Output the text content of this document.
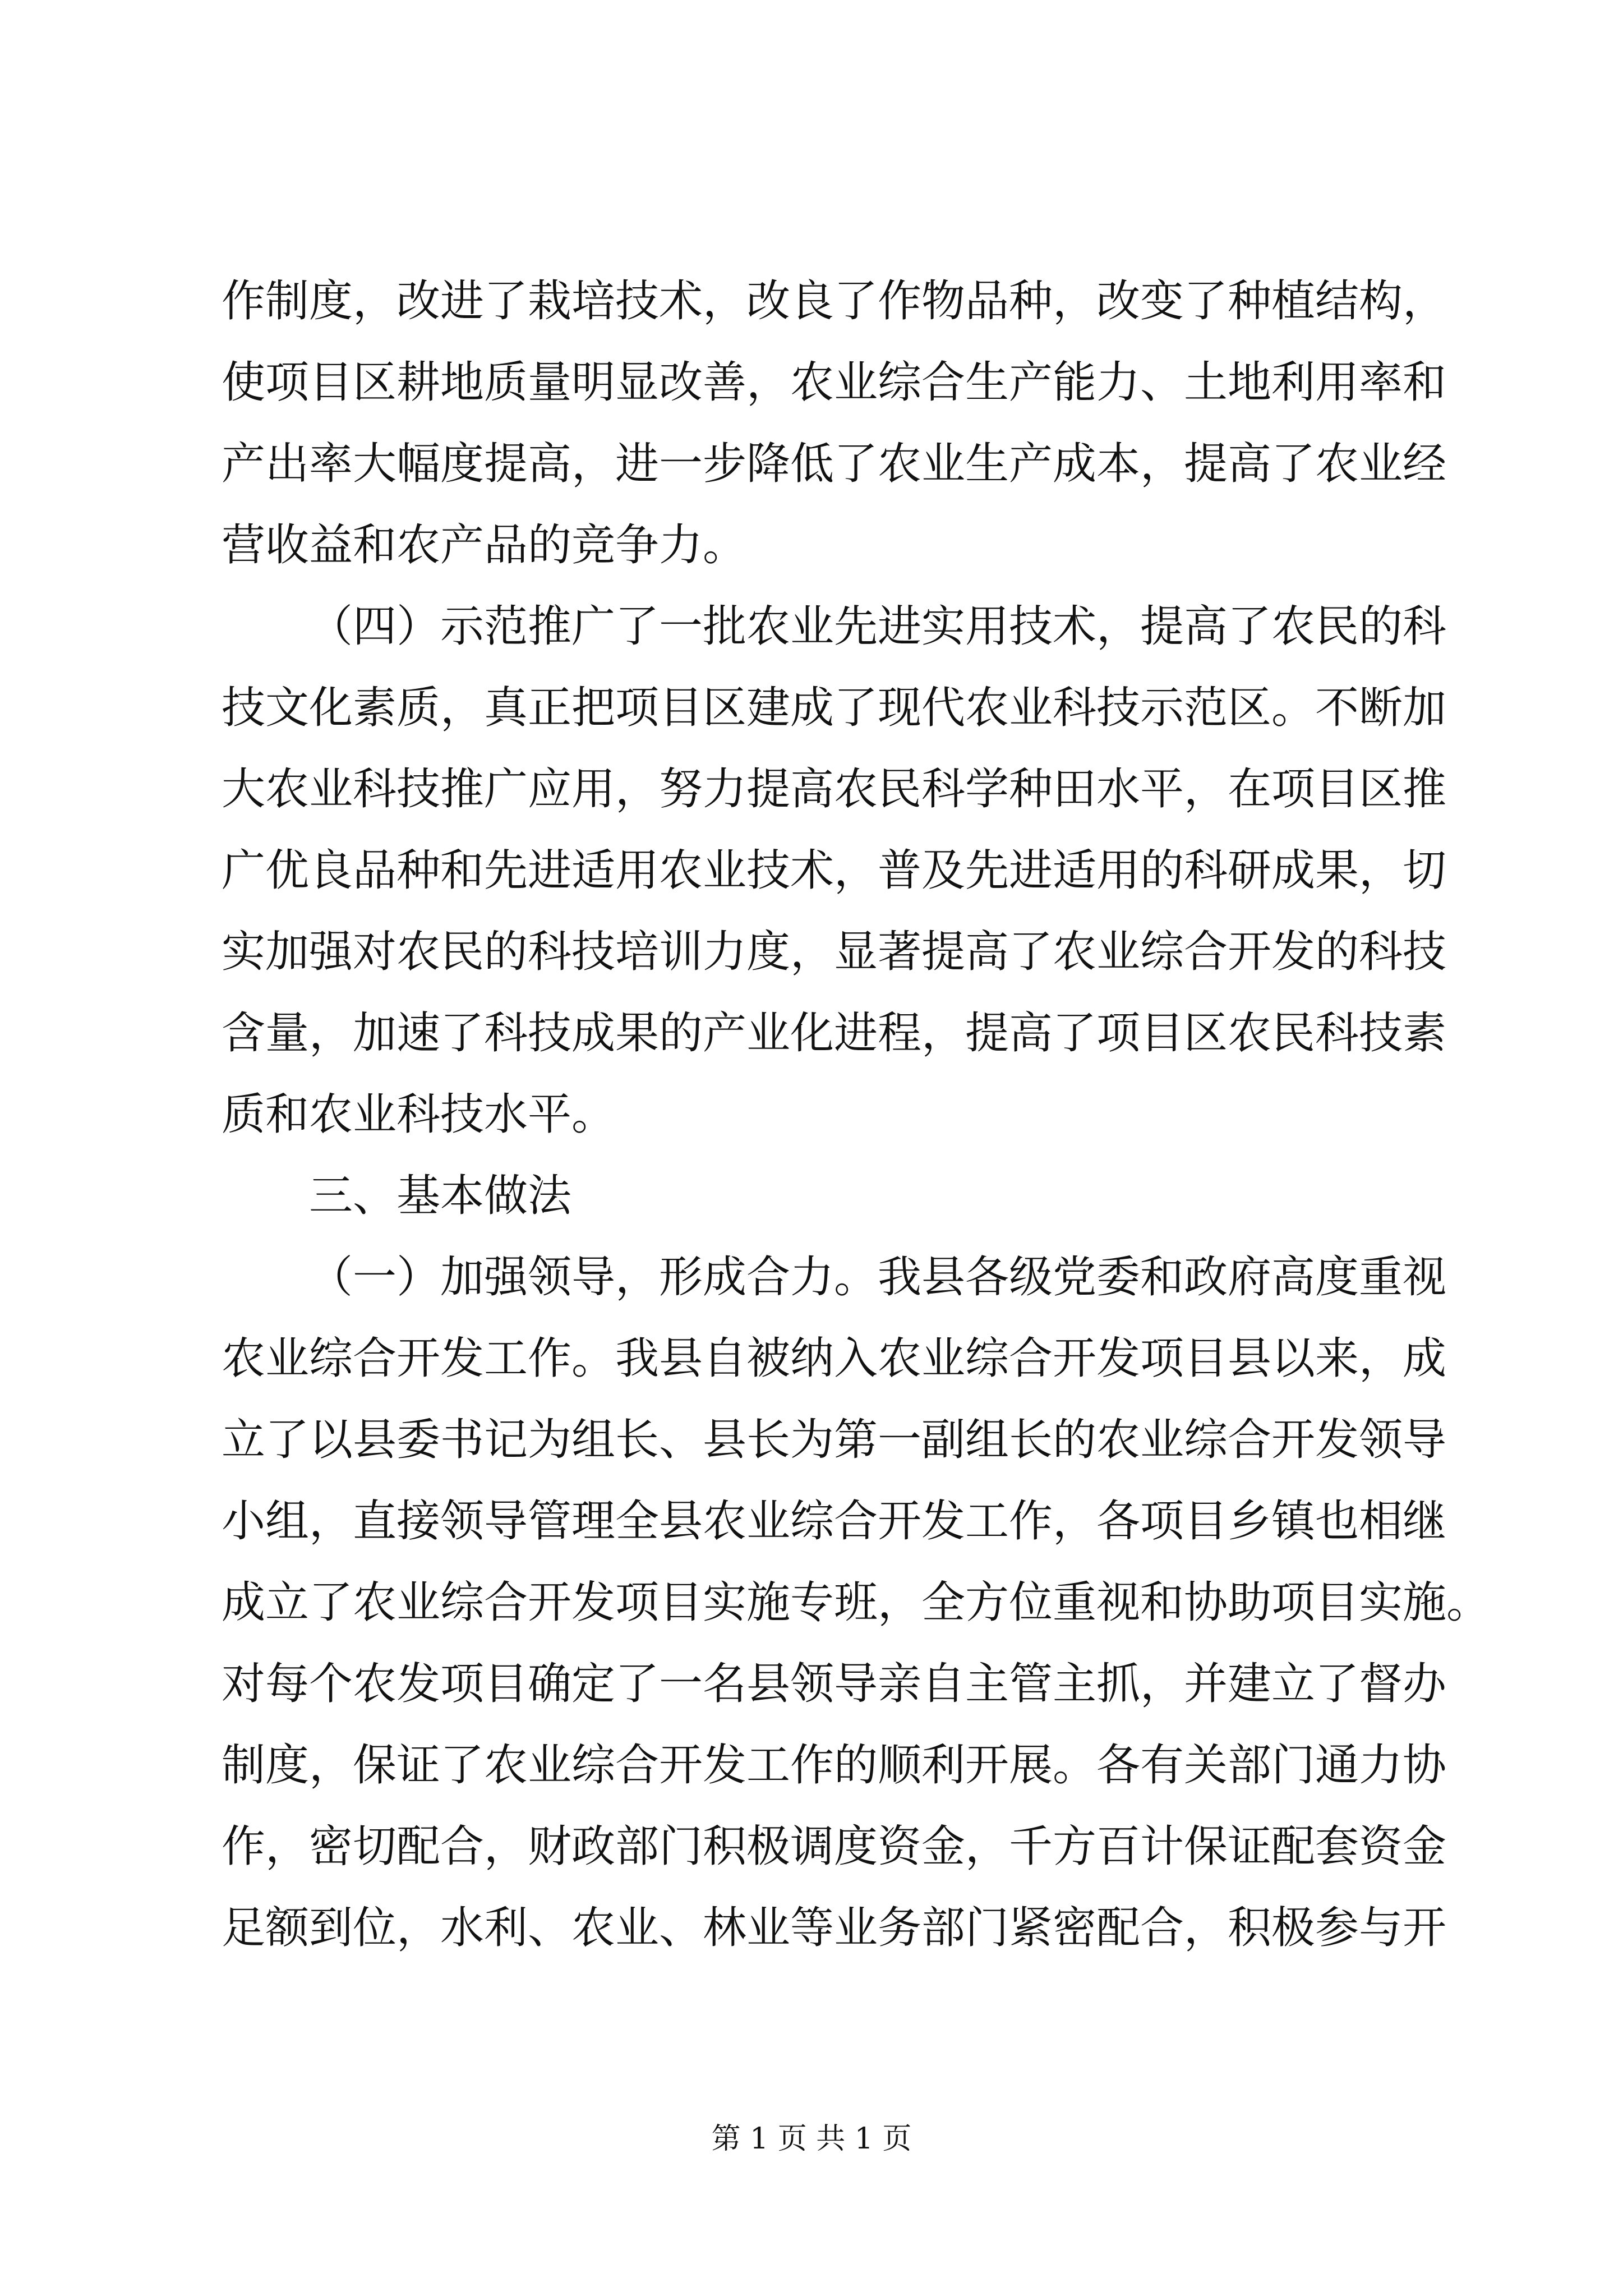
作制度，改进了栽培技术，改良了作物品种，改变了种植结构，
使项目区耕地质量明显改善，农业综合生产能力、土地利用率和
产出率大幅度提高，进一步降低了农业生产成本，提高了农业经
营收益和农产品的竞争力。
（四）示范推广了一批农业先进实用技术，提高了农民的科
技文化素质，真正把项目区建成了现代农业科技示范区。不断加
大农业科技推广应用，努力提高农民科学种田水平，在项目区推
广优良品种和先进适用农业技术，普及先进适用的科研成果，切
实加强对农民的科技培训力度，显著提高了农业综合开发的科技
含量，加速了科技成果的产业化进程，提高了项目区农民科技素
质和农业科技水平。
三、基本做法
（一）加强领导，形成合力。我县各级党委和政府高度重视
农业综合开发工作。我县自被纳入农业综合开发项目县以来，成
立了以县委书记为组长、县长为第一副组长的农业综合开发领导
小组，直接领导管理全县农业综合开发工作，各项目乡镇也相继
成立了农业综合开发项目实施专班，全方位重视和协助项目实施。
对每个农发项目确定了一名县领导亲自主管主抓，并建立了督办
制度，保证了农业综合开发工作的顺利开展。各有关部门通力协
作，密切配合，财政部门积极调度资金，千方百计保证配套资金
足额到位，水利、农业、林业等业务部门紧密配合，积极参与开
第 1 页 共 1 页
